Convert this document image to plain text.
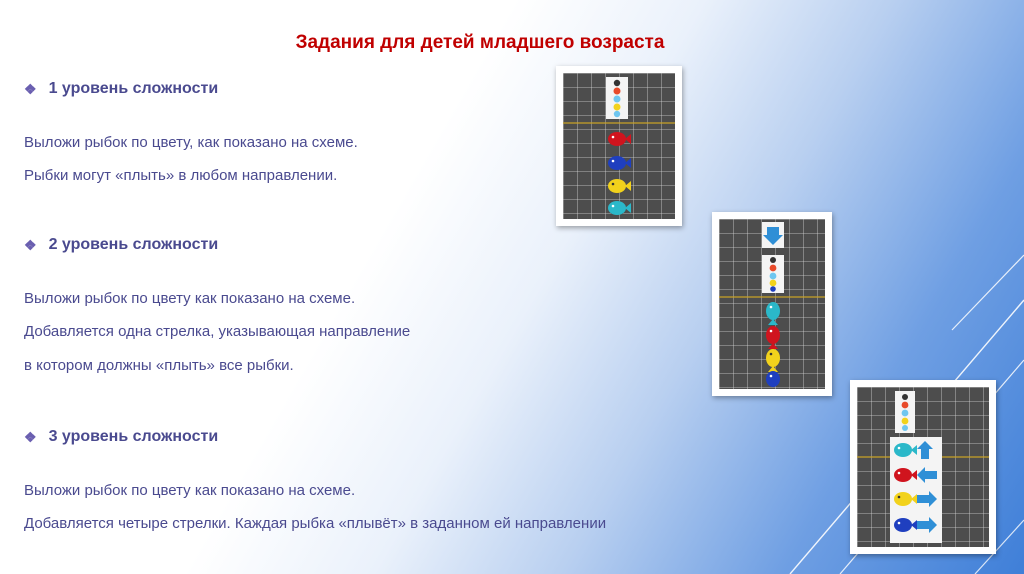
Задания для детей младшего возраста
❖ 1 уровень сложности
Выложи рыбок по цвету, как показано на схеме.
Рыбки могут «плыть» в любом направлении.
❖ 2 уровень сложности
Выложи рыбок по цвету как показано на схеме.
Добавляется одна стрелка, указывающая направление
в котором должны «плыть» все рыбки.
❖ 3 уровень сложности
Выложи рыбок по цвету как показано на схеме.
Добавляется четыре стрелки. Каждая рыбка «плывёт» в заданном ей направлении
